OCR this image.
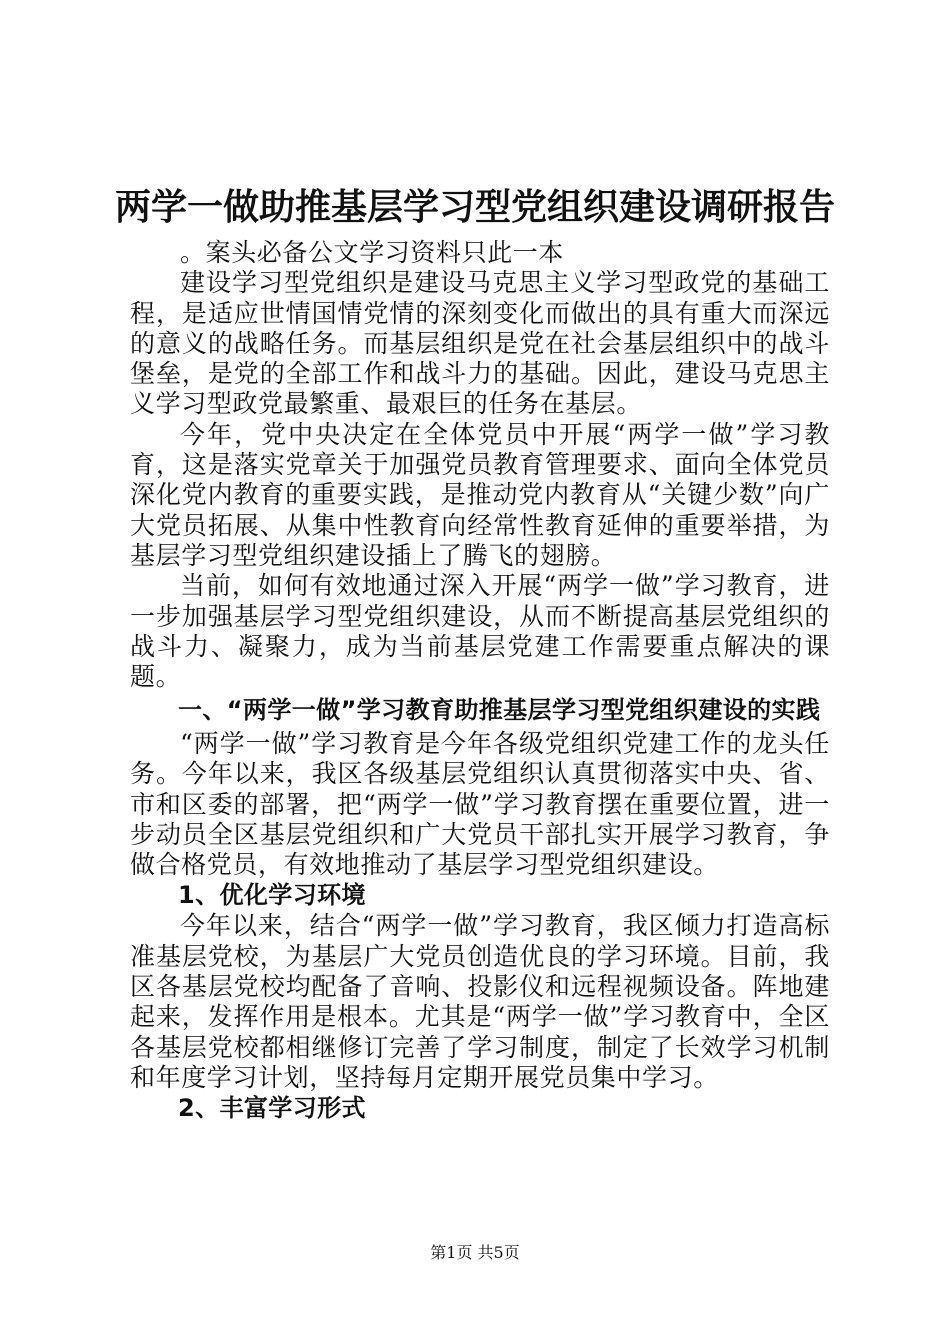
两学一做助推基层学习型党组织建设调研报告

。案头必备公文学习资料只此一本

建设学习型党组织是建设马克思主义学习型政党的基础工程，是适应世情国情党情的深刻变化而做出的具有重大而深远的意义的战略任务。而基层组织是党在社会基层组织中的战斗堡垒，是党的全部工作和战斗力的基础。因此，建设马克思主义学习型政党最繁重、最艰巨的任务在基层。

今年，党中央决定在全体党员中开展“两学一做”学习教育，这是落实党章关于加强党员教育管理要求、面向全体党员深化党内教育的重要实践，是推动党内教育从“关键少数”向广大党员拓展、从集中性教育向经常性教育延伸的重要举措，为基层学习型党组织建设插上了腾飞的翅膀。

当前，如何有效地通过深入开展“两学一做”学习教育，进一步加强基层学习型党组织建设，从而不断提高基层党组织的战斗力、凝聚力，成为当前基层党建工作需要重点解决的课题。

一、“两学一做”学习教育助推基层学习型党组织建设的实践

“两学一做”学习教育是今年各级党组织党建工作的龙头任务。今年以来，我区各级基层党组织认真贯彻落实中央、省、市和区委的部署，把“两学一做”学习教育摆在重要位置，进一步动员全区基层党组织和广大党员干部扎实开展学习教育，争做合格党员，有效地推动了基层学习型党组织建设。

1、优化学习环境

今年以来，结合“两学一做”学习教育，我区倾力打造高标准基层党校，为基层广大党员创造优良的学习环境。目前，我区各基层党校均配备了音响、投影仪和远程视频设备。阵地建起来，发挥作用是根本。尤其是“两学一做”学习教育中，全区各基层党校都相继修订完善了学习制度，制定了长效学习机制和年度学习计划，坚持每月定期开展党员集中学习。

2、丰富学习形式

第1页 共5页
